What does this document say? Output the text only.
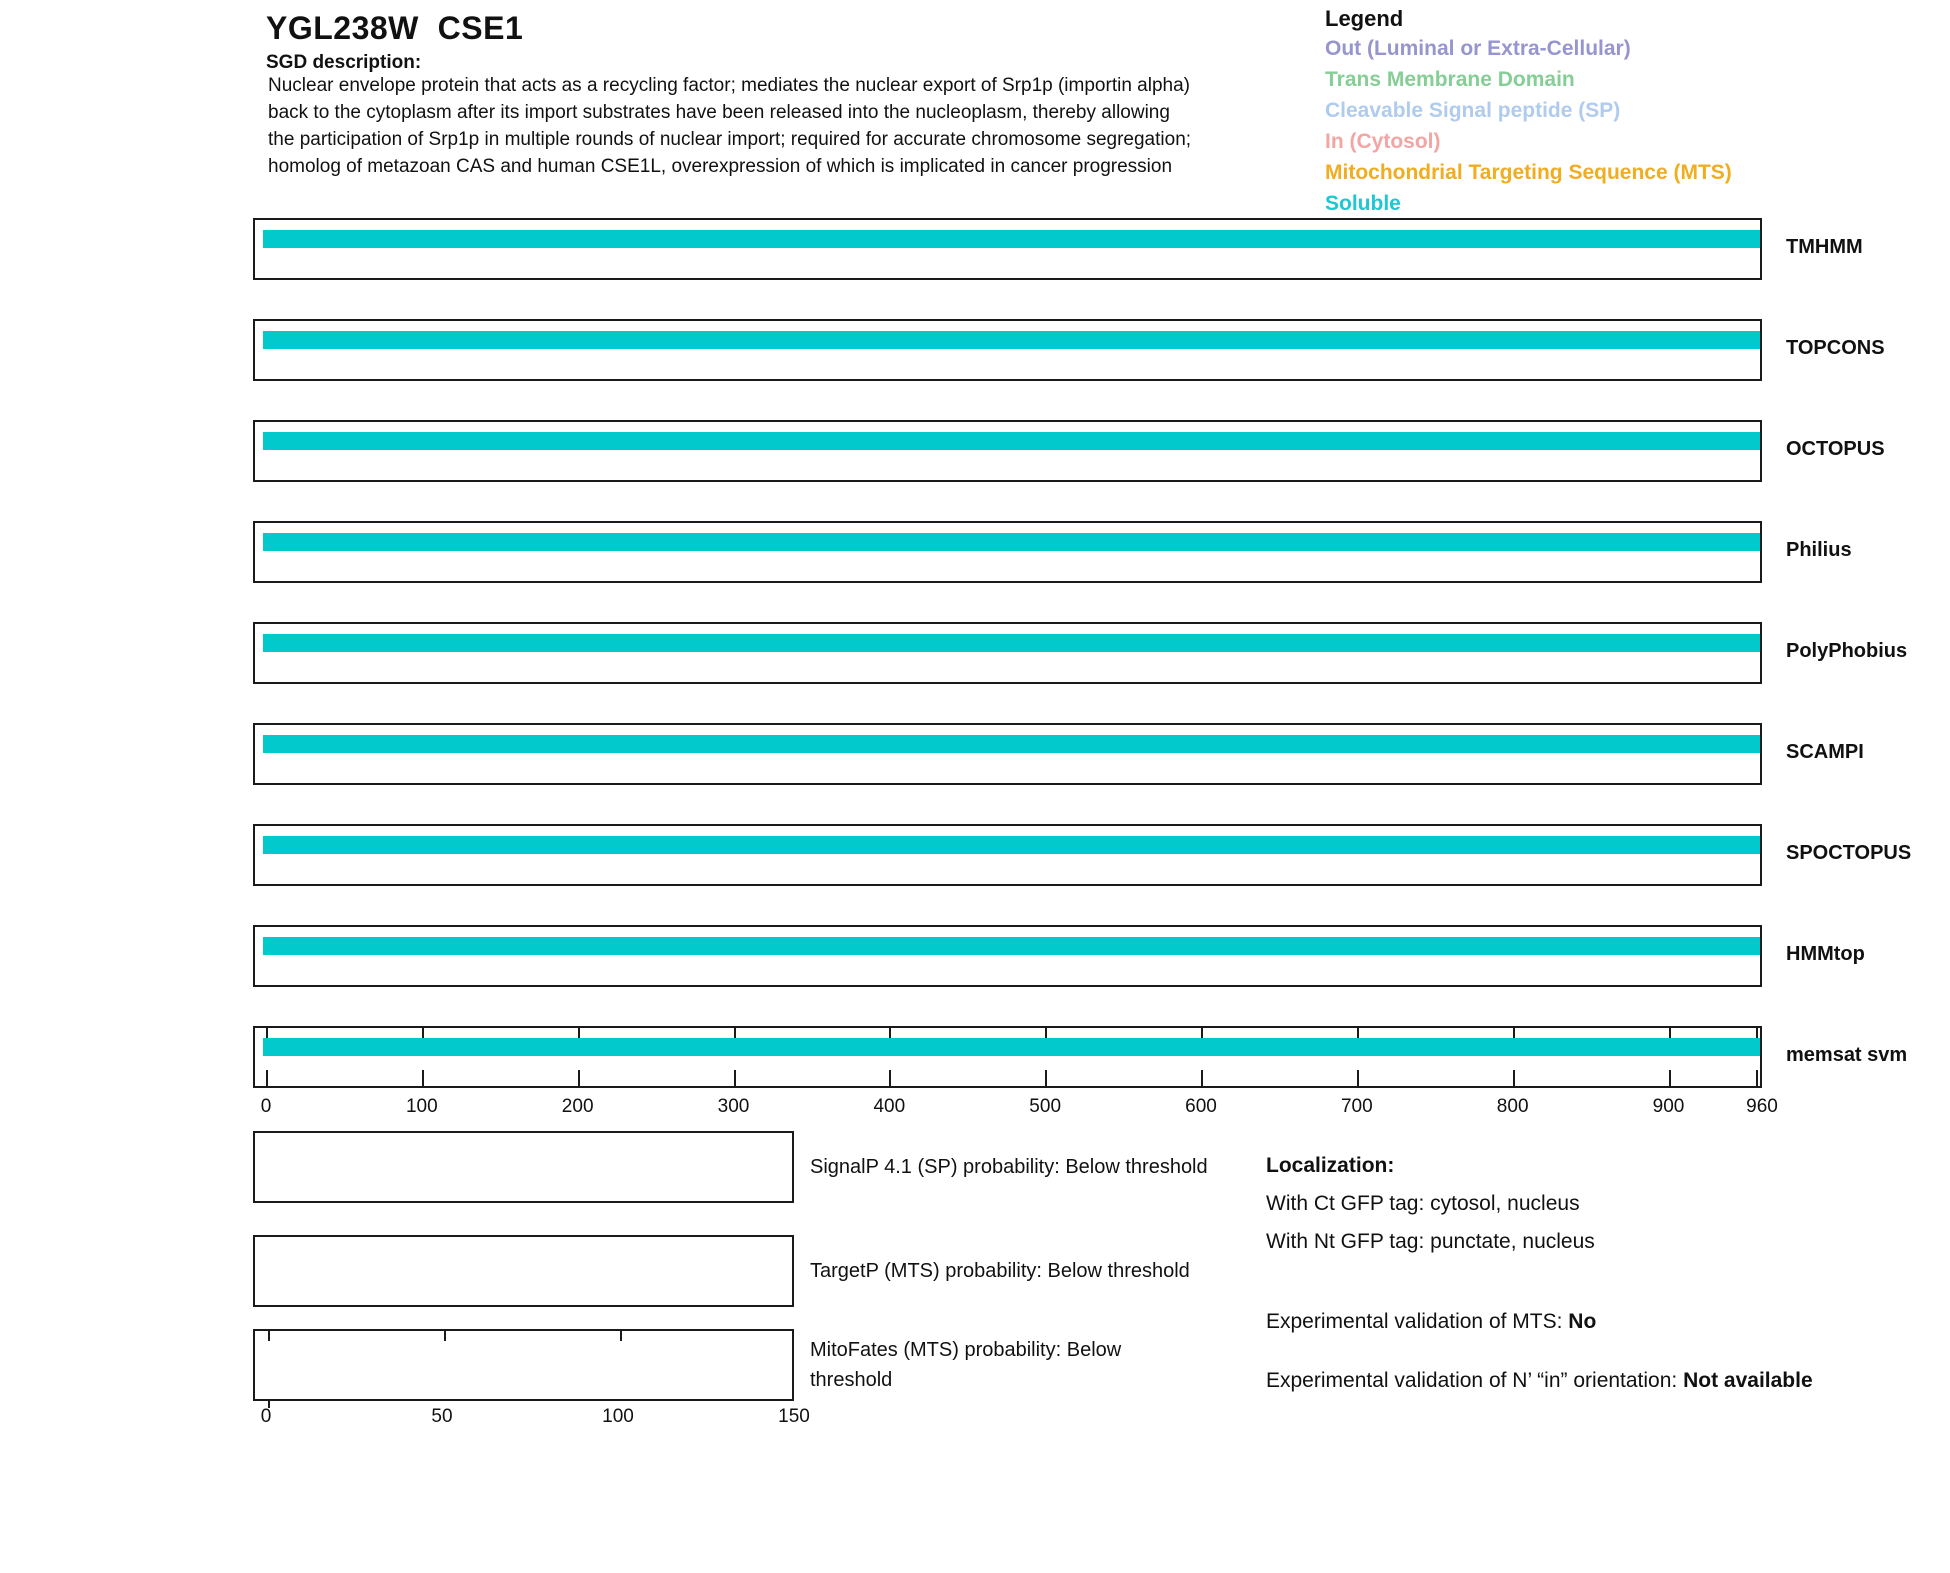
YGL238W  CSE1
SGD description:
Nuclear envelope protein that acts as a recycling factor; mediates the nuclear export of Srp1p (importin alpha)
back to the cytoplasm after its import substrates have been released into the nucleoplasm, thereby allowing
the participation of Srp1p in multiple rounds of nuclear import; required for accurate chromosome segregation;
homolog of metazoan CAS and human CSE1L, overexpression of which is implicated in cancer progression
Legend
Out (Luminal or Extra-Cellular)
Trans Membrane Domain
Cleavable Signal peptide (SP)
In (Cytosol)
Mitochondrial Targeting Sequence (MTS)
Soluble
TMHMM
TOPCONS
OCTOPUS
Philius
PolyPhobius
SCAMPI
SPOCTOPUS
HMMtop
memsat svm
0	100	200	300	400	500	600	700	800	900	960
SignalP 4.1 (SP) probability: Below threshold
TargetP (MTS) probability: Below threshold
0	50	100	150
MitoFates (MTS) probability: Below threshold
Localization:
With Ct GFP tag: cytosol, nucleus
With Nt GFP tag: punctate, nucleus
Experimental validation of MTS: No
Experimental validation of N’ “in” orientation: Not available
